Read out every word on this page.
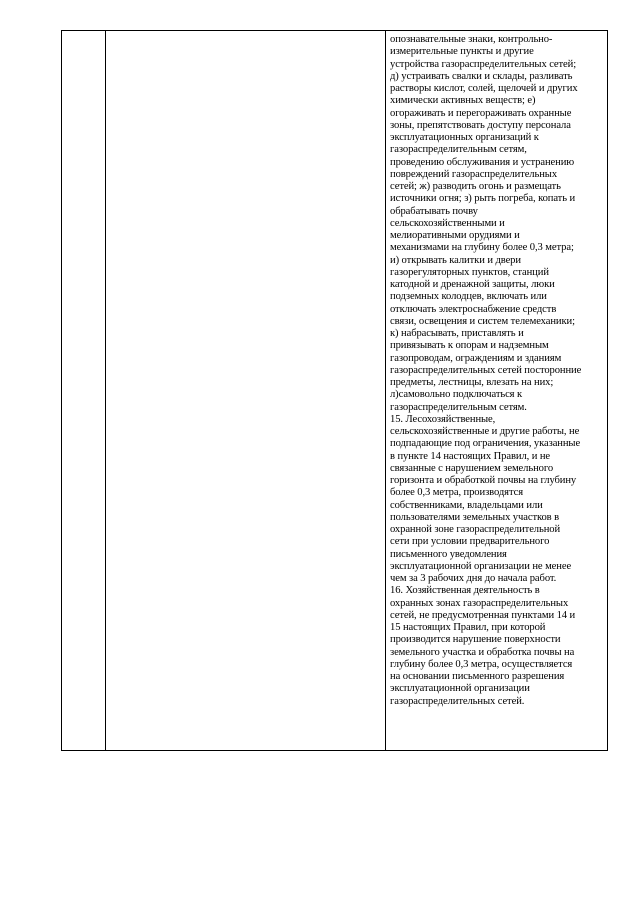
опознавательные знаки, контрольно-
измерительные пункты и другие
устройства газораспределительных сетей;
д) устраивать свалки и склады, разливать
растворы кислот, солей, щелочей и других
химически активных веществ; е)
огораживать и перегораживать охранные
зоны, препятствовать доступу персонала
эксплуатационных организаций к
газораспределительным сетям,
проведению обслуживания и устранению
повреждений газораспределительных
сетей; ж) разводить огонь и размещать
источники огня; з) рыть погреба, копать и
обрабатывать почву
сельскохозяйственными и
мелиоративными орудиями и
механизмами на глубину более 0,3 метра;
и) открывать калитки и двери
газорегуляторных пунктов, станций
катодной и дренажной защиты, люки
подземных колодцев, включать или
отключать электроснабжение средств
связи, освещения и систем телемеханики;
к) набрасывать, приставлять и
привязывать к опорам и надземным
газопроводам, ограждениям и зданиям
газораспределительных сетей посторонние
предметы, лестницы, влезать на них;
л)самовольно подключаться к
газораспределительным сетям.
15. Лесохозяйственные,
сельскохозяйственные и другие работы, не
подпадающие под ограничения, указанные
в пункте 14 настоящих Правил, и не
связанные с нарушением земельного
горизонта и обработкой почвы на глубину
более 0,3 метра, производятся
собственниками, владельцами или
пользователями земельных участков в
охранной зоне газораспределительной
сети при условии предварительного
письменного уведомления
эксплуатационной организации не менее
чем за 3 рабочих дня до начала работ.
16. Хозяйственная деятельность в
охранных зонах газораспределительных
сетей, не предусмотренная пунктами 14 и
15 настоящих Правил, при которой
производится нарушение поверхности
земельного участка и обработка почвы на
глубину более 0,3 метра, осуществляется
на основании письменного разрешения
эксплуатационной организации
газораспределительных сетей.
